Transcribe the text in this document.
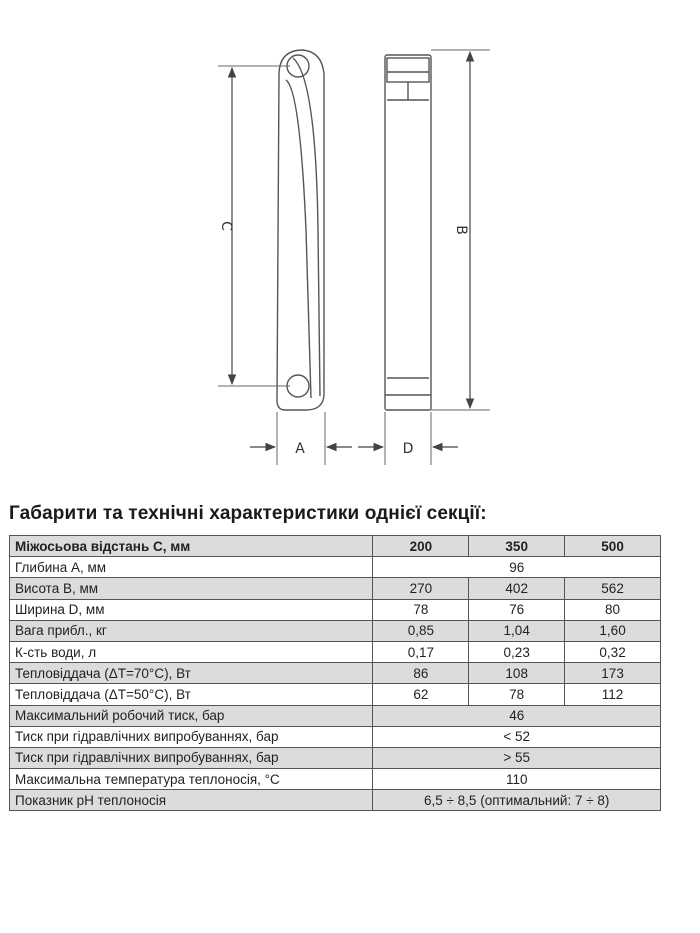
C	B
A	D
Габарити та технічні характеристики однієї секції:
Міжосьова відстань С, мм	200	350	500
Глибина А, мм	96		
Висота В, мм	270	402	562
Ширина D, мм	78	76	80
Вага прибл., кг	0,85	1,04	1,60
К-сть води, л	0,17	0,23	0,32
Тепловіддача (ΔT=70°C), Вт	86	108	173
Тепловіддача (ΔT=50°C), Вт	62	78	112
Максимальний робочий тиск, бар	46		
Тиск при гідравлічних випробуваннях, бар	< 52		
Тиск при гідравлічних випробуваннях, бар	> 55		
Максимальна температура теплоносія, °C	110		
Показник рН теплоносія	6,5 ÷ 8,5 (оптимальний: 7 ÷ 8)		
